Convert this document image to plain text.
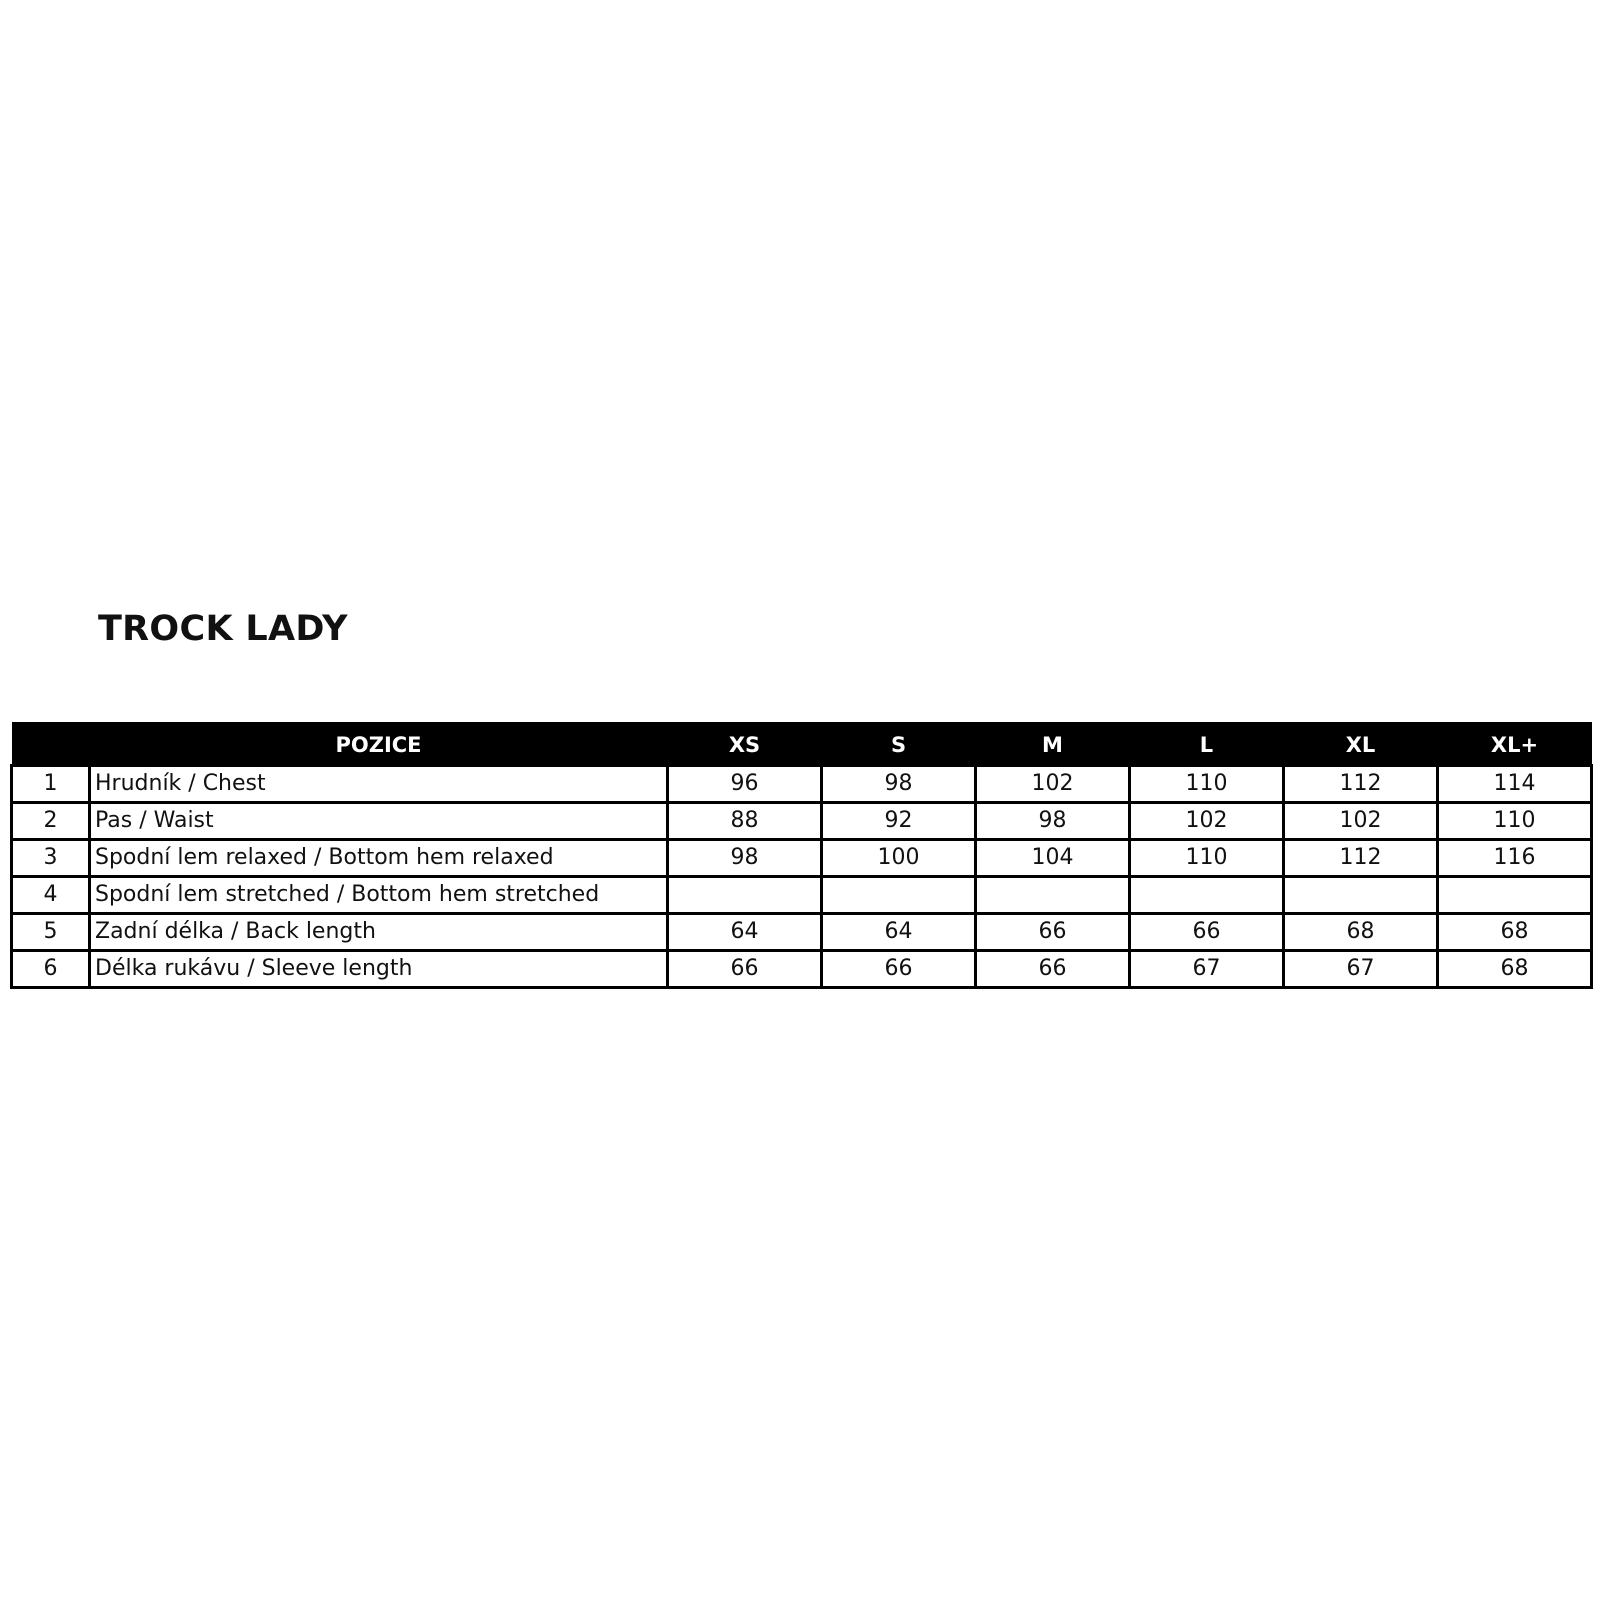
TROCK LADY
	POZICE	XS	S	M	L	XL	XL+
1	Hrudník / Chest	96	98	102	110	112	114
2	Pas / Waist	88	92	98	102	102	110
3	Spodní lem relaxed / Bottom hem relaxed	98	100	104	110	112	116
4	Spodní lem stretched / Bottom hem stretched						
5	Zadní délka / Back length	64	64	66	66	68	68
6	Délka rukávu / Sleeve length	66	66	66	67	67	68
